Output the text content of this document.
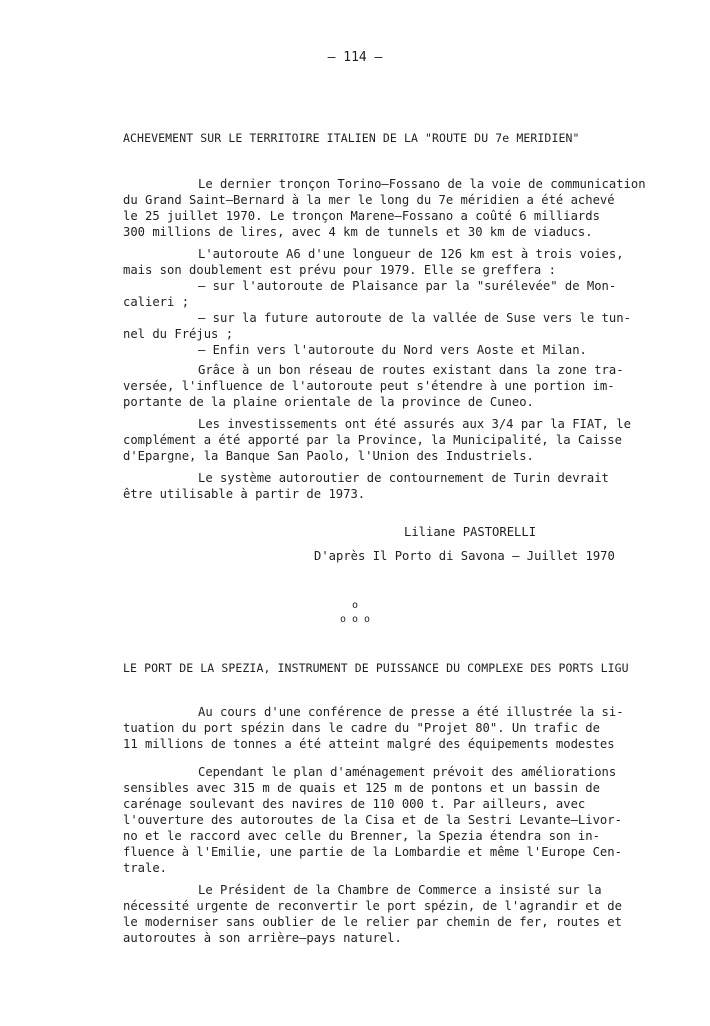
– 114 –
ACHEVEMENT SUR LE TERRITOIRE ITALIEN DE LA "ROUTE DU 7e MERIDIEN"
Le dernier tronçon Torino–Fossano de la voie de communication
du Grand Saint–Bernard à la mer le long du 7e méridien a été achevé
le 25 juillet 1970. Le tronçon Marene–Fossano a coûté 6 milliards
300 millions de lires, avec 4 km de tunnels et 30 km de viaducs.
L'autoroute A6 d'une longueur de 126 km est à trois voies,
mais son doublement est prévu pour 1979. Elle se greffera :
– sur l'autoroute de Plaisance par la "surélevée" de Mon-
calieri ;
– sur la future autoroute de la vallée de Suse vers le tun-
nel du Fréjus ;
– Enfin vers l'autoroute du Nord vers Aoste et Milan.
Grâce à un bon réseau de routes existant dans la zone tra-
versée, l'influence de l'autoroute peut s'étendre à une portion im-
portante de la plaine orientale de la province de Cuneo.
Les investissements ont été assurés aux 3/4 par la FIAT, le
complément a été apporté par la Province, la Municipalité, la Caisse
d'Epargne, la Banque San Paolo, l'Union des Industriels.
Le système autoroutier de contournement de Turin devrait
être utilisable à partir de 1973.
Liliane PASTORELLI
D'après Il Porto di Savona – Juillet 1970
o
o o o
LE PORT DE LA SPEZIA, INSTRUMENT DE PUISSANCE DU COMPLEXE DES PORTS LIGU
Au cours d'une conférence de presse a été illustrée la si-
tuation du port spézin dans le cadre du "Projet 80". Un trafic de
11 millions de tonnes a été atteint malgré des équipements modestes
Cependant le plan d'aménagement prévoit des améliorations
sensibles avec 315 m de quais et 125 m de pontons et un bassin de
carénage soulevant des navires de 110 000 t. Par ailleurs, avec
l'ouverture des autoroutes de la Cisa et de la Sestri Levante–Livor-
no et le raccord avec celle du Brenner, la Spezia étendra son in-
fluence à l'Emilie, une partie de la Lombardie et même l'Europe Cen-
trale.
Le Président de la Chambre de Commerce a insisté sur la
nécessité urgente de reconvertir le port spézin, de l'agrandir et de
le moderniser sans oublier de le relier par chemin de fer, routes et
autoroutes à son arrière–pays naturel.
